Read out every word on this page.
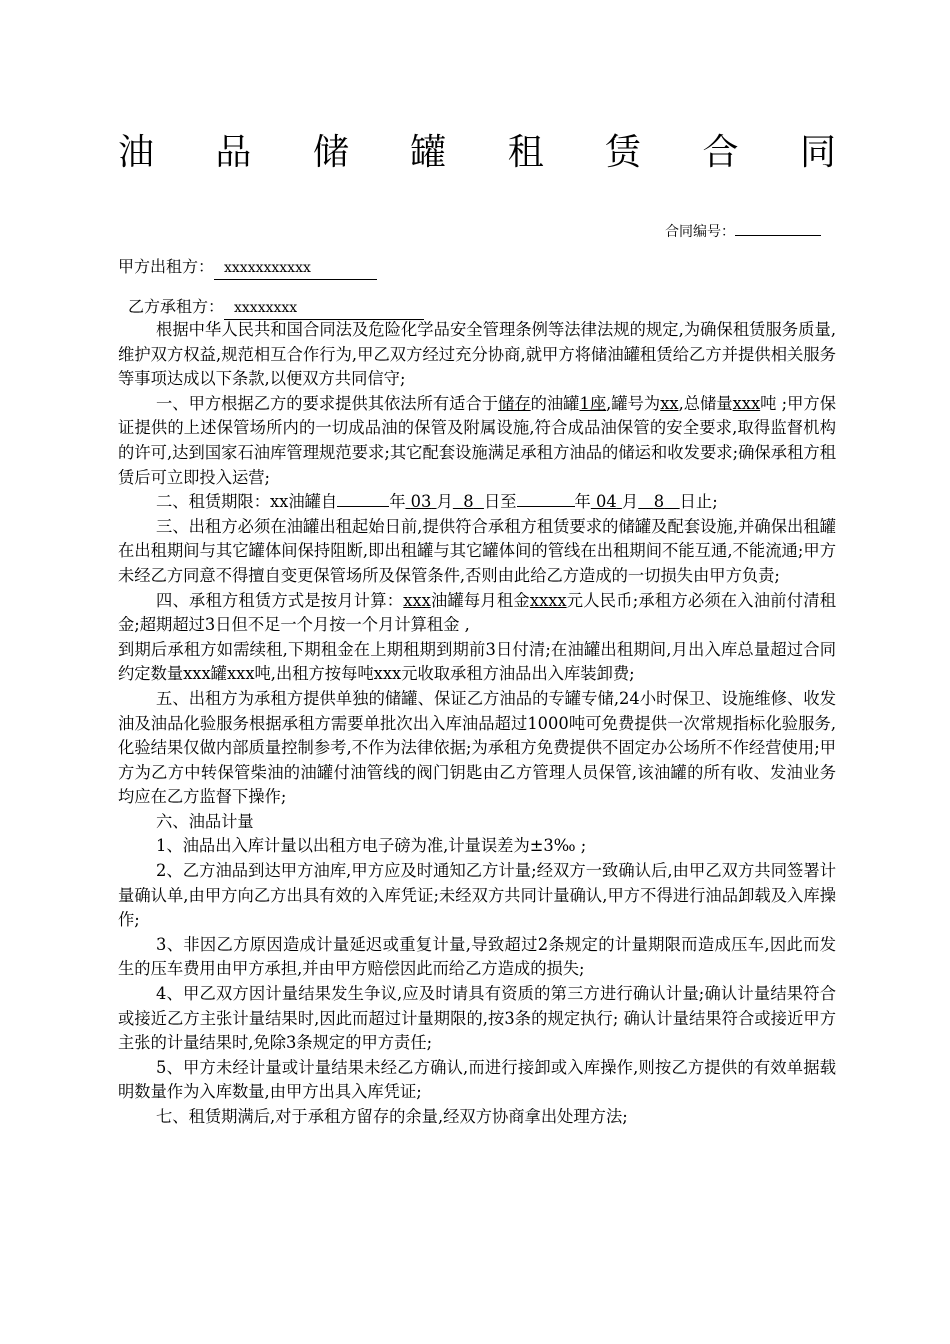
油 品 储 罐 租 赁 合 同
合同编号：
甲方出租方： xxxxxxxxxxx
乙方承租方： xxxxxxxx

根据中华人民共和国合同法及危险化学品安全管理条例等法律法规的规定,为确保租赁服务质量,维护双方权益,规范相互合作行为,甲乙双方经过充分协商,就甲方将储油罐租赁给乙方并提供相关服务等事项达成以下条款,以便双方共同信守;

一、甲方根据乙方的要求提供其依法所有适合于储存的油罐1座,罐号为xx,总储量xxx吨 ;甲方保证提供的上述保管场所内的一切成品油的保管及附属设施,符合成品油保管的安全要求,取得监督机构的许可,达到国家石油库管理规范要求;其它配套设施满足承租方油品的储运和收发要求;确保承租方租赁后可立即投入运营;

二、租赁期限：xx油罐自	年 03 月 8 日至	年 04 月 8 日止;

三、出租方必须在油罐出租起始日前,提供符合承租方租赁要求的储罐及配套设施,并确保出租罐在出租期间与其它罐体间保持阻断,即出租罐与其它罐体间的管线在出租期间不能互通,不能流通;甲方未经乙方同意不得擅自变更保管场所及保管条件,否则由此给乙方造成的一切损失由甲方负责;

四、承租方租赁方式是按月计算：xxx油罐每月租金xxxx元人民币;承租方必须在入油前付清租金;超期超过3日但不足一个月按一个月计算租金 ,

到期后承租方如需续租,下期租金在上期租期到期前3日付清;在油罐出租期间,月出入库总量超过合同约定数量xxx罐xxx吨,出租方按每吨xxx元收取承租方油品出入库装卸费;

五、出租方为承租方提供单独的储罐、保证乙方油品的专罐专储,24小时保卫、设施维修、收发油及油品化验服务根据承租方需要单批次出入库油品超过1000吨可免费提供一次常规指标化验服务,化验结果仅做内部质量控制参考,不作为法律依据;为承租方免费提供不固定办公场所不作经营使用;甲方为乙方中转保管柴油的油罐付油管线的阀门钥匙由乙方管理人员保管,该油罐的所有收、发油业务均应在乙方监督下操作;

六、油品计量

1、油品出入库计量以出租方电子磅为准,计量误差为±3‰ ;

2、乙方油品到达甲方油库,甲方应及时通知乙方计量;经双方一致确认后,由甲乙双方共同签署计量确认单,由甲方向乙方出具有效的入库凭证;未经双方共同计量确认,甲方不得进行油品卸载及入库操作;

3、非因乙方原因造成计量延迟或重复计量,导致超过2条规定的计量期限而造成压车,因此而发生的压车费用由甲方承担,并由甲方赔偿因此而给乙方造成的损失;

4、甲乙双方因计量结果发生争议,应及时请具有资质的第三方进行确认计量;确认计量结果符合或接近乙方主张计量结果时,因此而超过计量期限的,按3条的规定执行; 确认计量结果符合或接近甲方主张的计量结果时,免除3条规定的甲方责任;

5、甲方未经计量或计量结果未经乙方确认,而进行接卸或入库操作,则按乙方提供的有效单据载明数量作为入库数量,由甲方出具入库凭证;

七、租赁期满后,对于承租方留存的余量,经双方协商拿出处理方法;
